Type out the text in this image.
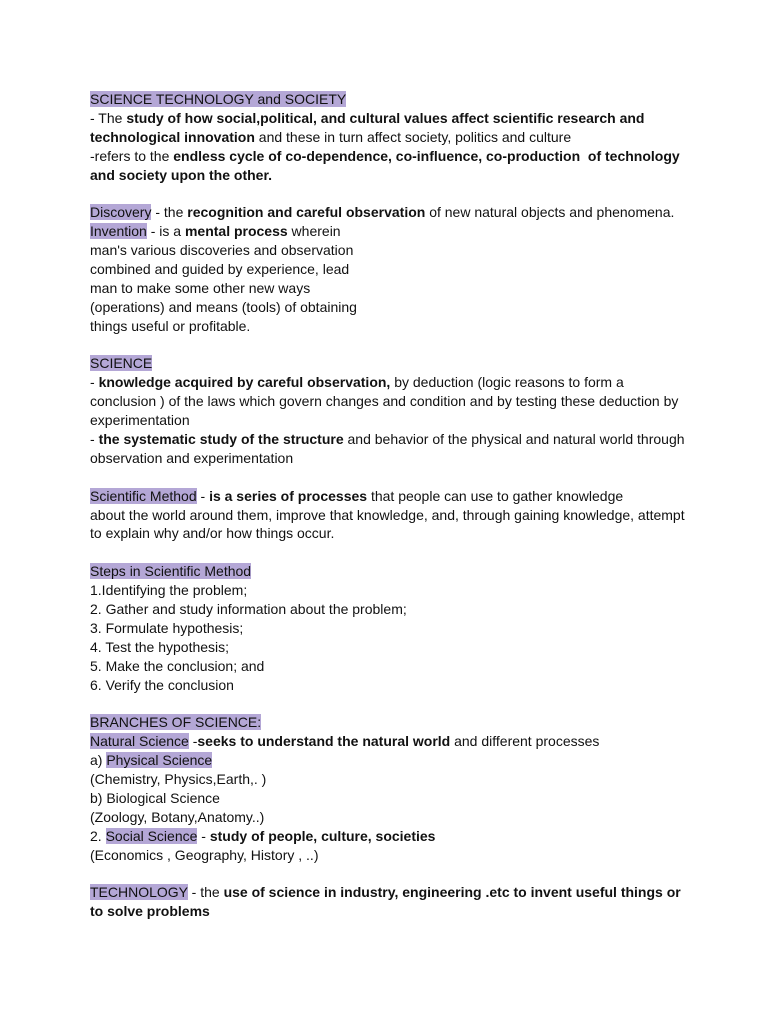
SCIENCE TECHNOLOGY and SOCIETY
- The study of how social,political, and cultural values affect scientific research and
technological innovation and these in turn affect society, politics and culture
-refers to the endless cycle of co-dependence, co-influence, co-production  of technology
and society upon the other.
Discovery - the recognition and careful observation of new natural objects and phenomena.
Invention - is a mental process wherein
man's various discoveries and observation
combined and guided by experience, lead
man to make some other new ways
(operations) and means (tools) of obtaining
things useful or profitable.
SCIENCE
- knowledge acquired by careful observation, by deduction (logic reasons to form a
conclusion ) of the laws which govern changes and condition and by testing these deduction by
experimentation
- the systematic study of the structure and behavior of the physical and natural world through
observation and experimentation
Scientific Method - is a series of processes that people can use to gather knowledge
about the world around them, improve that knowledge, and, through gaining knowledge, attempt
to explain why and/or how things occur.
Steps in Scientific Method
1.Identifying the problem;
2. Gather and study information about the problem;
3. Formulate hypothesis;
4. Test the hypothesis;
5. Make the conclusion; and
6. Verify the conclusion
BRANCHES OF SCIENCE:
Natural Science -seeks to understand the natural world and different processes
a) Physical Science
(Chemistry, Physics,Earth,. )
b) Biological Science
(Zoology, Botany,Anatomy..)
2. Social Science - study of people, culture, societies
(Economics , Geography, History , ..)
TECHNOLOGY - the use of science in industry, engineering .etc to invent useful things or
to solve problems
